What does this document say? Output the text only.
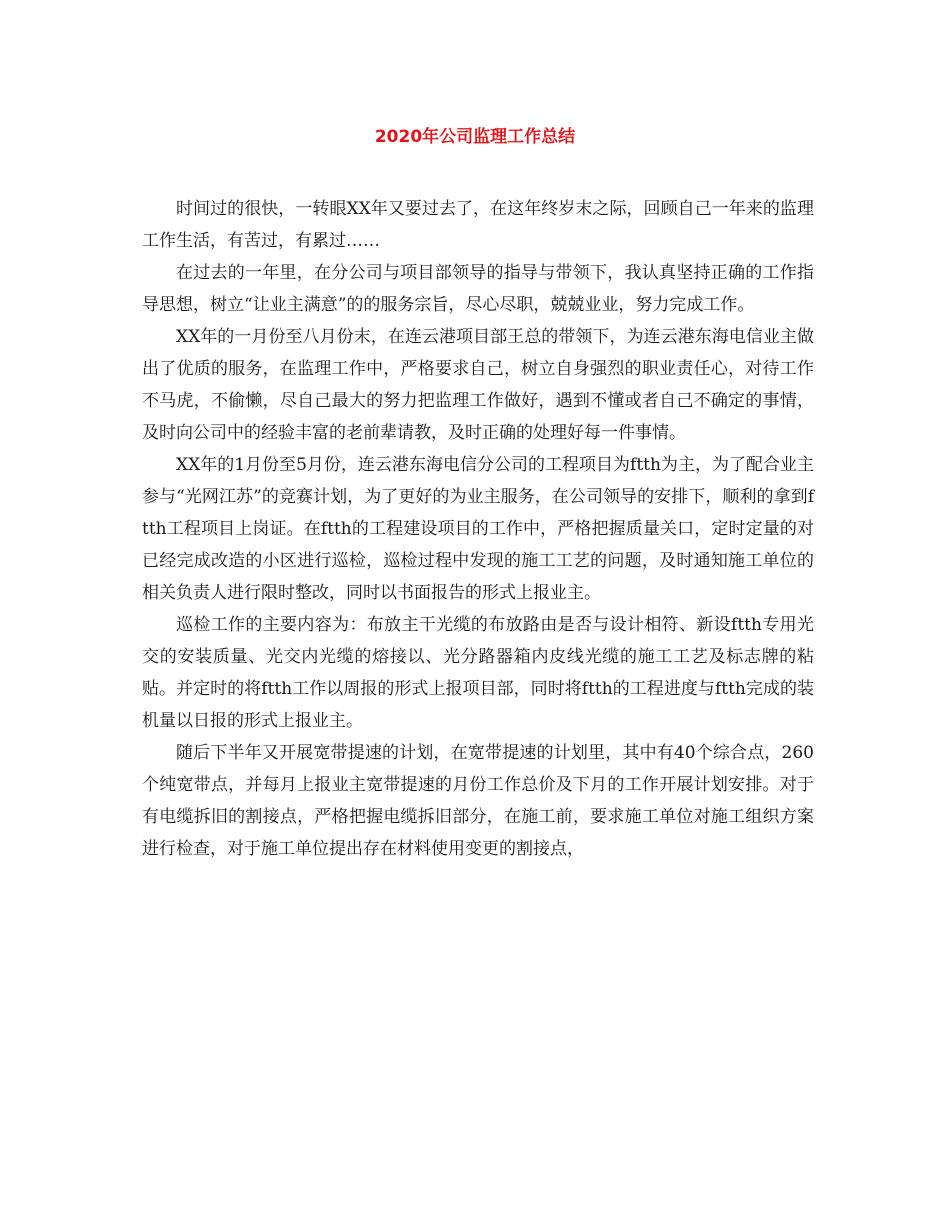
2020年公司监理工作总结

时间过的很快，一转眼XX年又要过去了，在这年终岁末之际，回顾自己一年来的监理工作生活，有苦过，有累过……

在过去的一年里，在分公司与项目部领导的指导与带领下，我认真坚持正确的工作指导思想，树立“让业主满意”的的服务宗旨，尽心尽职，兢兢业业，努力完成工作。

XX年的一月份至八月份末，在连云港项目部王总的带领下，为连云港东海电信业主做出了优质的服务，在监理工作中，严格要求自己，树立自身强烈的职业责任心，对待工作不马虎，不偷懒，尽自己最大的努力把监理工作做好，遇到不懂或者自己不确定的事情，及时向公司中的经验丰富的老前辈请教，及时正确的处理好每一件事情。

XX年的1月份至5月份，连云港东海电信分公司的工程项目为ftth为主，为了配合业主参与“光网江苏”的竞赛计划，为了更好的为业主服务，在公司领导的安排下，顺利的拿到ftth工程项目上岗证。在ftth的工程建设项目的工作中，严格把握质量关口，定时定量的对已经完成改造的小区进行巡检，巡检过程中发现的施工工艺的问题，及时通知施工单位的相关负责人进行限时整改，同时以书面报告的形式上报业主。

巡检工作的主要内容为：布放主干光缆的布放路由是否与设计相符、新设ftth专用光交的安装质量、光交内光缆的熔接以、光分路器箱内皮线光缆的施工工艺及标志牌的粘贴。并定时的将ftth工作以周报的形式上报项目部，同时将ftth的工程进度与ftth完成的装机量以日报的形式上报业主。

随后下半年又开展宽带提速的计划，在宽带提速的计划里，其中有40个综合点，260个纯宽带点，并每月上报业主宽带提速的月份工作总价及下月的工作开展计划安排。对于有电缆拆旧的割接点，严格把握电缆拆旧部分，在施工前，要求施工单位对施工组织方案进行检查，对于施工单位提出存在材料使用变更的割接点，
